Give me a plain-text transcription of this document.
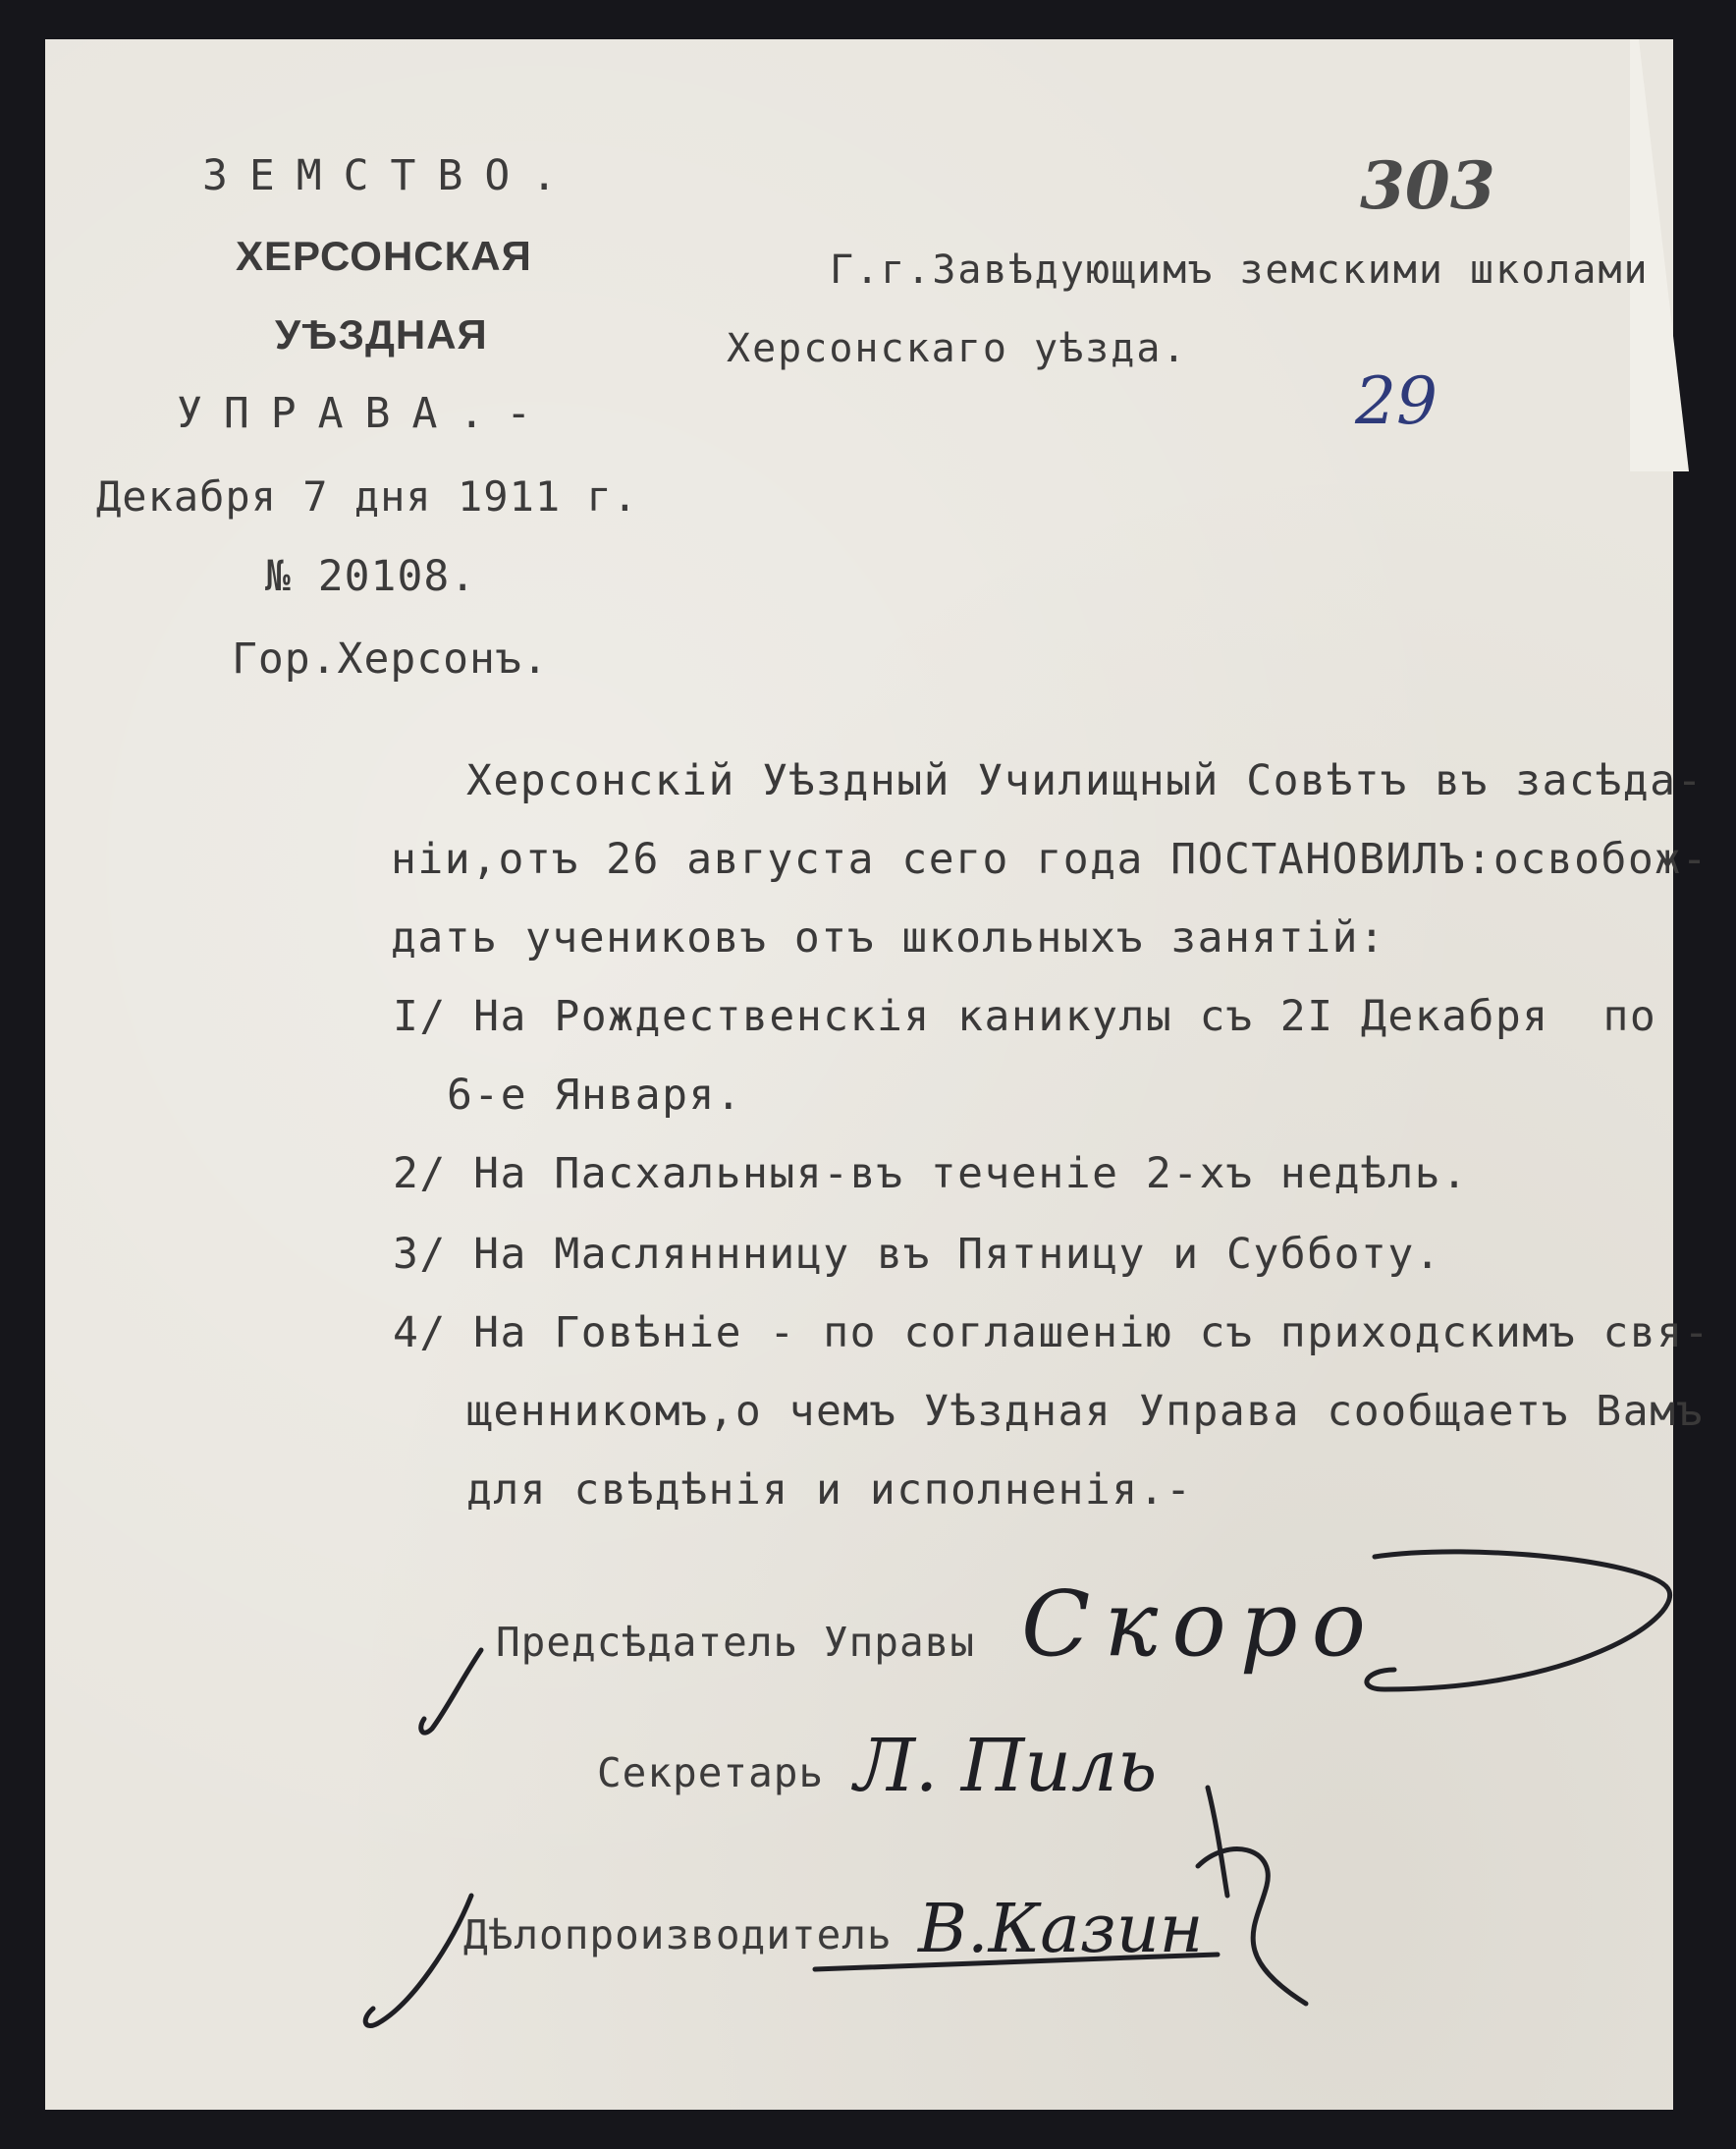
ЗЕМСТВО.
ХЕРСОНСКАЯ
УѢЗДНАЯ
УПРАВА.-
Декабря 7 дня 1911 г.
№ 20108.
Гор.Херсонъ.
Г.г.Завѣдующимъ земскими школами
Херсонскаго уѣзда.
303
29
Херсонскій Уѣздный Училищный Совѣтъ въ засѣда-
ніи,отъ 26 августа сего года ПОСТАНОВИЛЪ:освобож-
дать учениковъ отъ школьныхъ занятій:
I/ На Рождественскія каникулы съ 2I Декабря  по
6-е Января.
2/ На Пасхальныя-въ теченіе 2-хъ недѣль.
3/ На Масляннницу въ Пятницу и Субботу.
4/ На Говѣніе - по соглашенію съ приходскимъ свя-
щенникомъ,о чемъ Уѣздная Управа сообщаетъ Вамъ
для свѣдѣнія и исполненія.-
Предсѣдатель Управы
Секретарь
Дѣлопроизводитель
Скоро
Л. Пиль
В.Казин
